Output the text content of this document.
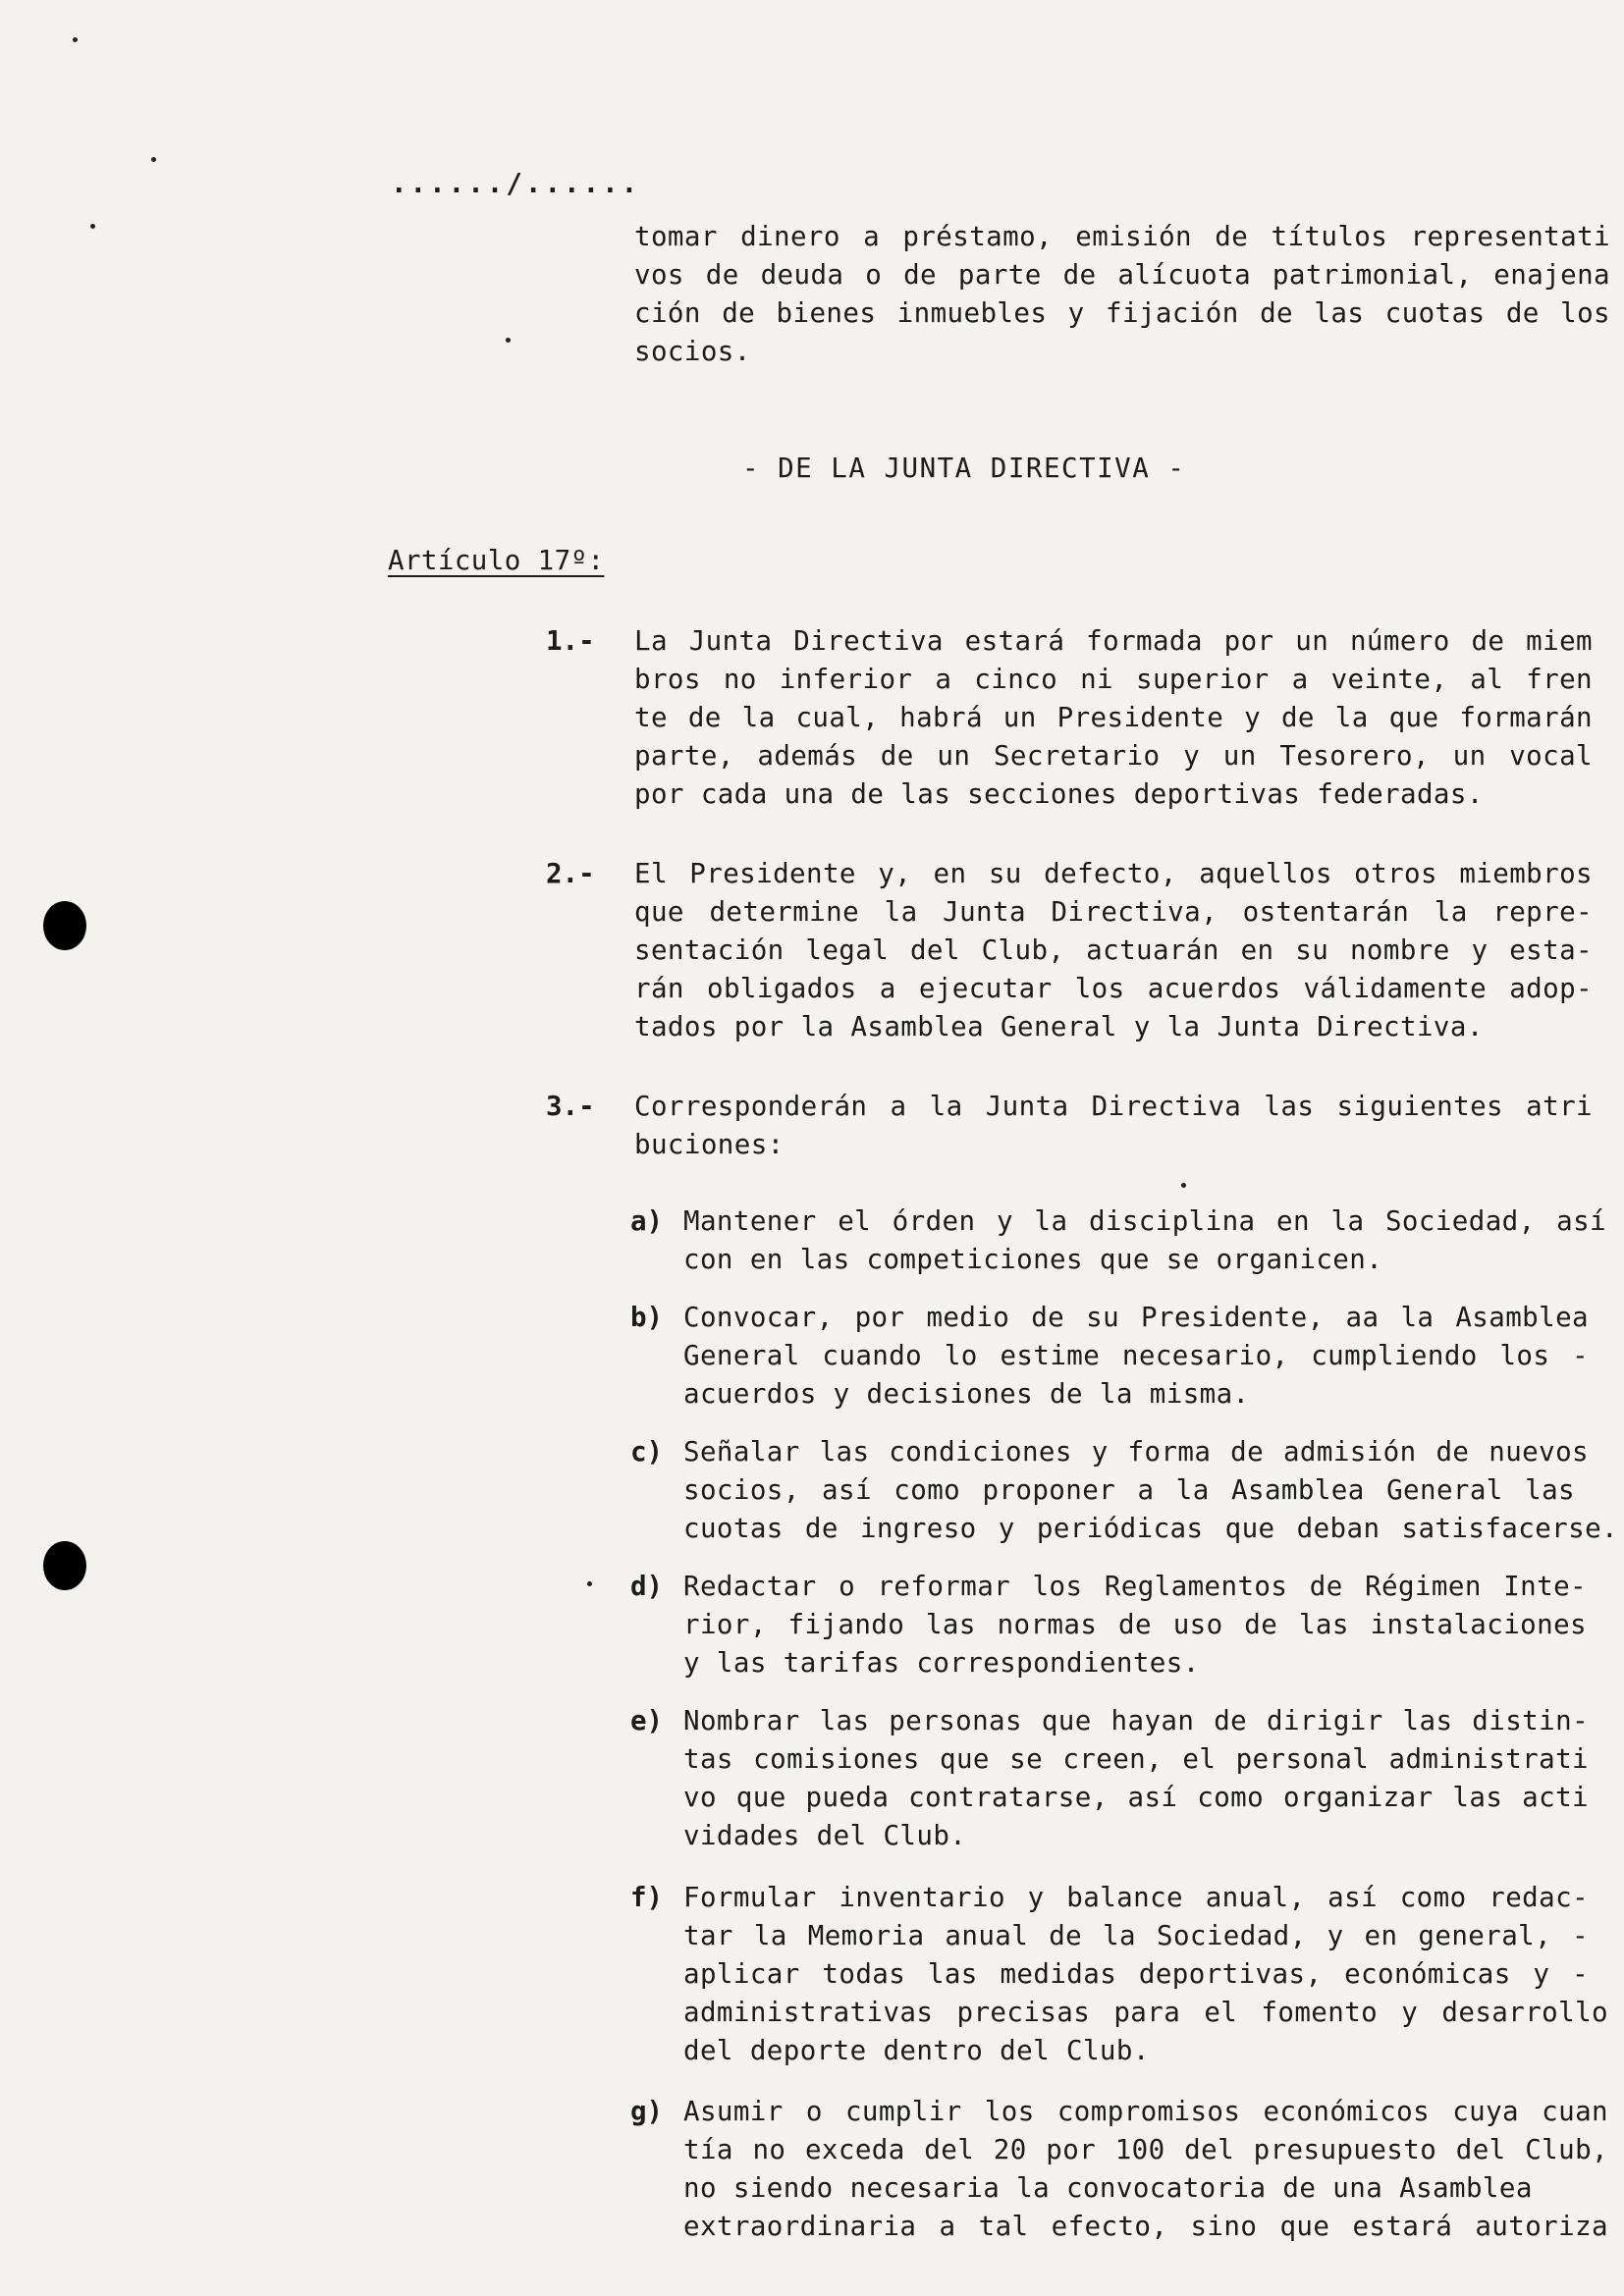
....../......

tomar dinero a préstamo, emisión de títulos representati

vos de deuda o de parte de alícuota patrimonial, enajena

ción de bienes inmuebles y fijación de las cuotas de los

socios.

- DE LA JUNTA DIRECTIVA -

Artículo 17º:

1.- La Junta Directiva estará formada por un número de miem

bros no inferior a cinco ni superior a veinte, al fren

te de la cual, habrá un Presidente y de la que formarán

parte, además de un Secretario y un Tesorero, un vocal

por cada una de las secciones deportivas federadas.

2.- El Presidente y, en su defecto, aquellos otros miembros

que determine la Junta Directiva, ostentarán la repre-

sentación legal del Club, actuarán en su nombre y esta-

rán obligados a ejecutar los acuerdos válidamente adop-

tados por la Asamblea General y la Junta Directiva.

3.- Corresponderán a la Junta Directiva las siguientes atri

buciones:

a) Mantener el órden y la disciplina en la Sociedad, así

con en las competiciones que se organicen.

b) Convocar, por medio de su Presidente, aa la Asamblea

General cuando lo estime necesario, cumpliendo los -

acuerdos y decisiones de la misma.

c) Señalar las condiciones y forma de admisión de nuevos

socios, así como proponer a la Asamblea General las

cuotas de ingreso y periódicas que deban satisfacerse.

d) Redactar o reformar los Reglamentos de Régimen Inte-

rior, fijando las normas de uso de las instalaciones

y las tarifas correspondientes.

e) Nombrar las personas que hayan de dirigir las distin-

tas comisiones que se creen, el personal administrati

vo que pueda contratarse, así como organizar las acti

vidades del Club.

f) Formular inventario y balance anual, así como redac-

tar la Memoria anual de la Sociedad, y en general, -

aplicar todas las medidas deportivas, económicas y -

administrativas precisas para el fomento y desarrollo

del deporte dentro del Club.

g) Asumir o cumplir los compromisos económicos cuya cuan

tía no exceda del 20 por 100 del presupuesto del Club,

no siendo necesaria la convocatoria de una Asamblea

extraordinaria a tal efecto, sino que estará autoriza
